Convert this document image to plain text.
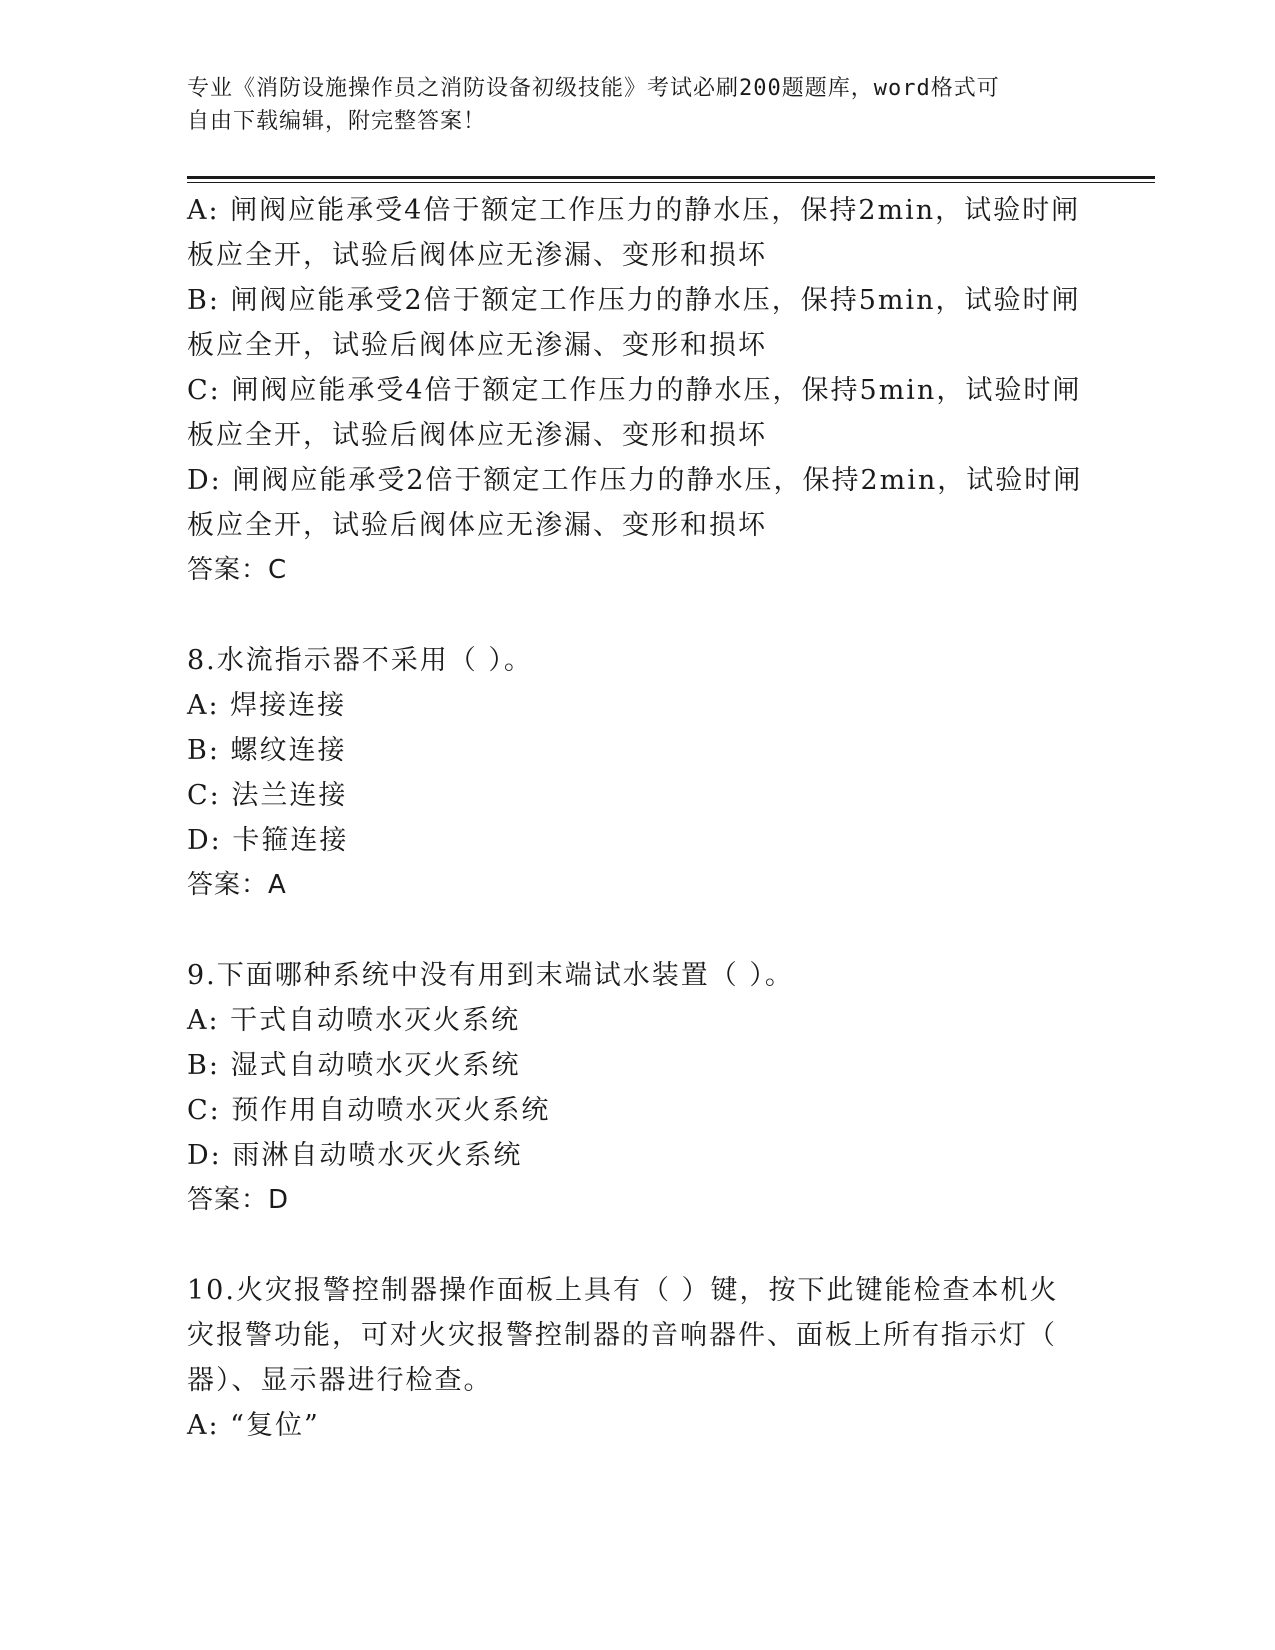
专业《消防设施操作员之消防设备初级技能》考试必刷200题题库，word格式可
自由下载编辑，附完整答案！
A: 闸阀应能承受4倍于额定工作压力的静水压，保持2min，试验时闸
板应全开，试验后阀体应无渗漏、变形和损坏
B: 闸阀应能承受2倍于额定工作压力的静水压，保持5min，试验时闸
板应全开，试验后阀体应无渗漏、变形和损坏
C: 闸阀应能承受4倍于额定工作压力的静水压，保持5min，试验时闸
板应全开，试验后阀体应无渗漏、变形和损坏
D: 闸阀应能承受2倍于额定工作压力的静水压，保持2min，试验时闸
板应全开，试验后阀体应无渗漏、变形和损坏
答案：C
8.水流指示器不采用（ ）。
A: 焊接连接
B: 螺纹连接
C: 法兰连接
D: 卡箍连接
答案：A
9.下面哪种系统中没有用到末端试水装置（ ）。
A: 干式自动喷水灭火系统
B: 湿式自动喷水灭火系统
C: 预作用自动喷水灭火系统
D: 雨淋自动喷水灭火系统
答案：D
10.火灾报警控制器操作面板上具有（ ）键，按下此键能检查本机火
灾报警功能，可对火灾报警控制器的音响器件、面板上所有指示灯（
器）、显示器进行检查。
A: “复位”
